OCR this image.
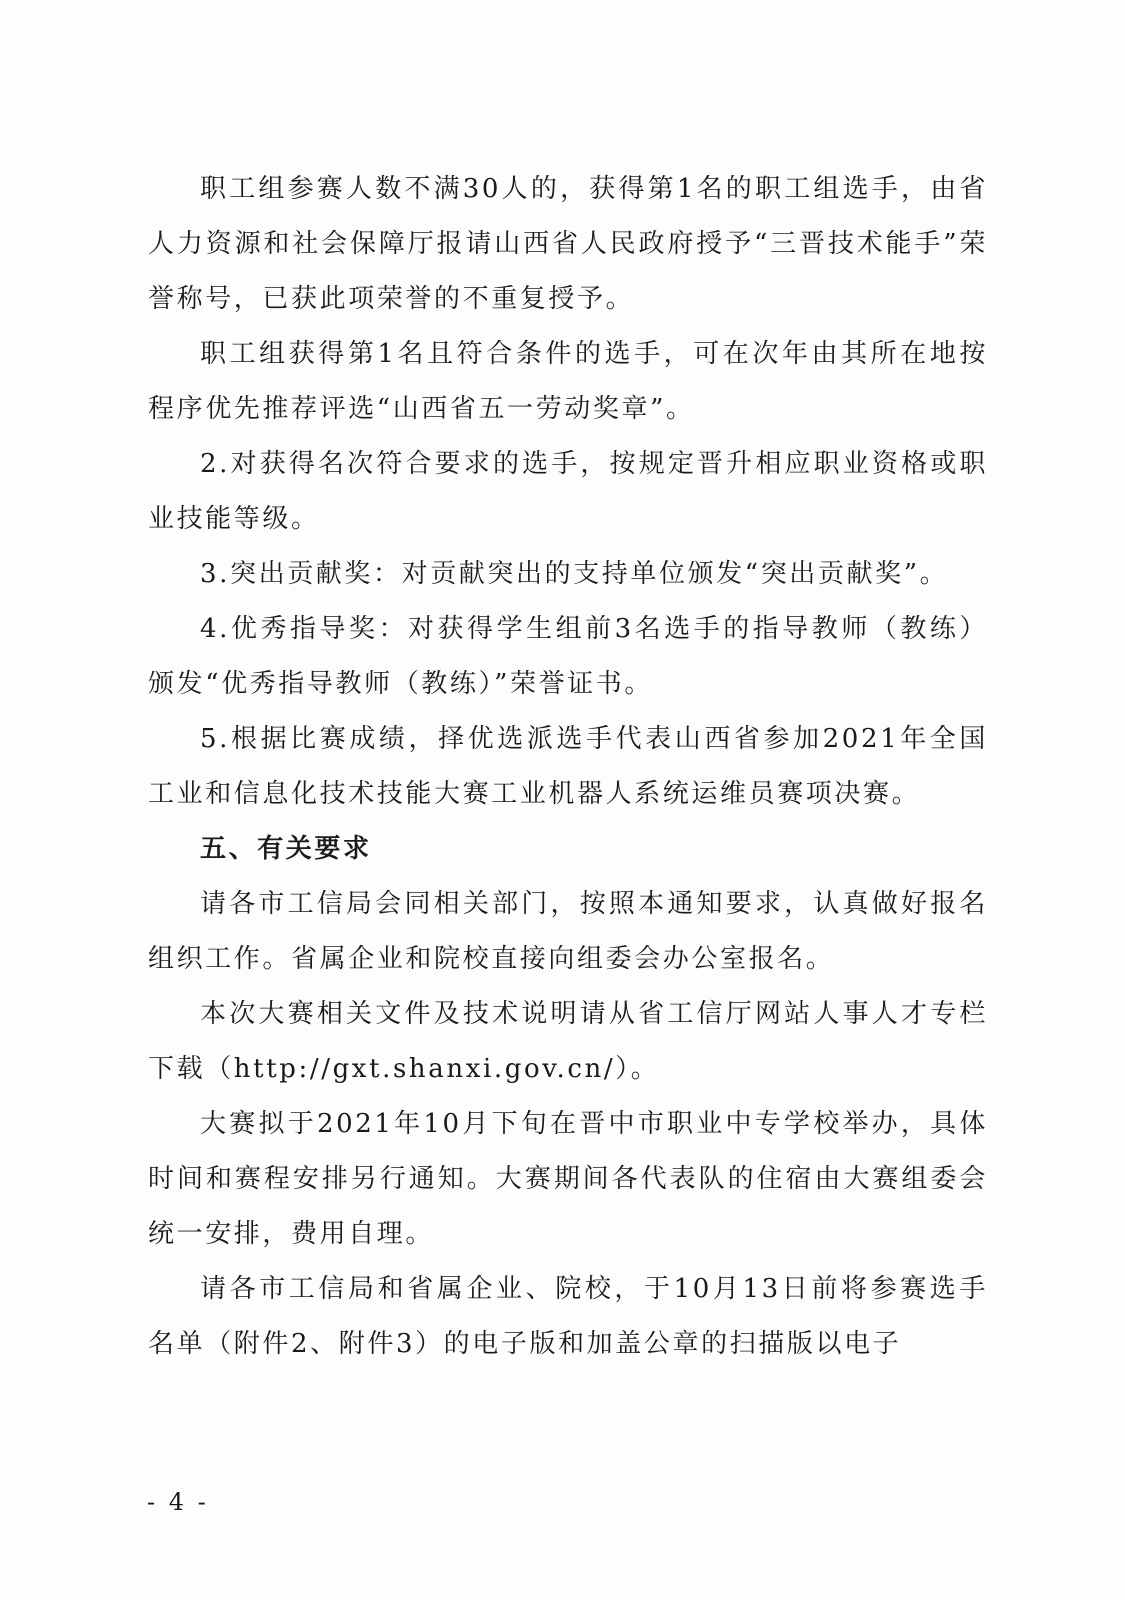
职工组参赛人数不满30人的，获得第1名的职工组选手，由省人力资源和社会保障厅报请山西省人民政府授予“三晋技术能手”荣誉称号，已获此项荣誉的不重复授予。

职工组获得第1名且符合条件的选手，可在次年由其所在地按程序优先推荐评选“山西省五一劳动奖章”。

2.对获得名次符合要求的选手，按规定晋升相应职业资格或职业技能等级。

3.突出贡献奖：对贡献突出的支持单位颁发“突出贡献奖”。

4.优秀指导奖：对获得学生组前3名选手的指导教师（教练）颁发“优秀指导教师（教练）”荣誉证书。

5.根据比赛成绩，择优选派选手代表山西省参加2021年全国工业和信息化技术技能大赛工业机器人系统运维员赛项决赛。

五、有关要求

请各市工信局会同相关部门，按照本通知要求，认真做好报名组织工作。省属企业和院校直接向组委会办公室报名。

本次大赛相关文件及技术说明请从省工信厅网站人事人才专栏下载（http://gxt.shanxi.gov.cn/）。

大赛拟于2021年10月下旬在晋中市职业中专学校举办，具体时间和赛程安排另行通知。大赛期间各代表队的住宿由大赛组委会统一安排，费用自理。

请各市工信局和省属企业、院校，于10月13日前将参赛选手名单（附件2、附件3）的电子版和加盖公章的扫描版以电子

- 4 -
